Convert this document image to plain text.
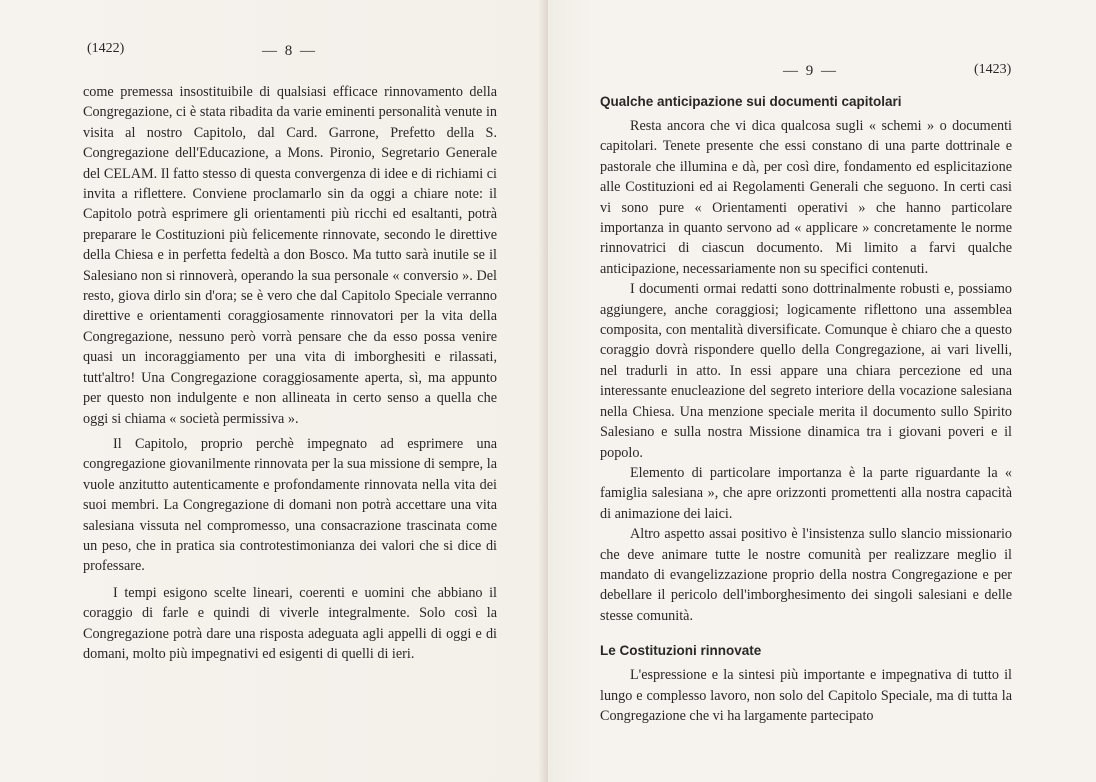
(1422)	— 8 —

come premessa insostituibile di qualsiasi efficace rinnovamento della Congregazione, ci è stata ribadita da varie eminenti personalità venute in visita al nostro Capitolo, dal Card. Garrone, Prefetto della S. Congregazione dell'Educazione, a Mons. Pironio, Segretario Generale del CELAM. Il fatto stesso di questa convergenza di idee e di richiami ci invita a riflettere. Conviene proclamarlo sin da oggi a chiare note: il Capitolo potrà esprimere gli orientamenti più ricchi ed esaltanti, potrà preparare le Costituzioni più felicemente rinnovate, secondo le direttive della Chiesa e in perfetta fedeltà a don Bosco. Ma tutto sarà inutile se il Salesiano non si rinnoverà, operando la sua personale « conversio ». Del resto, giova dirlo sin d'ora; se è vero che dal Capitolo Speciale verranno direttive e orientamenti coraggiosamente rinnovatori per la vita della Congregazione, nessuno però vorrà pensare che da esso possa venire quasi un incoraggiamento per una vita di imborghesiti e rilassati, tutt'altro! Una Congregazione coraggiosamente aperta, sì, ma appunto per questo non indulgente e non allineata in certo senso a quella che oggi si chiama « società permissiva ».

Il Capitolo, proprio perchè impegnato ad esprimere una congregazione giovanilmente rinnovata per la sua missione di sempre, la vuole anzitutto autenticamente e profondamente rinnovata nella vita dei suoi membri. La Congregazione di domani non potrà accettare una vita salesiana vissuta nel compromesso, una consacrazione trascinata come un peso, che in pratica sia controtestimonianza dei valori che si dice di professare.

I tempi esigono scelte lineari, coerenti e uomini che abbiano il coraggio di farle e quindi di viverle integralmente. Solo così la Congregazione potrà dare una risposta adeguata agli appelli di oggi e di domani, molto più impegnativi ed esigenti di quelli di ieri.

— 9 —	(1423)
Qualche anticipazione sui documenti capitolari

Resta ancora che vi dica qualcosa sugli « schemi » o documenti capitolari. Tenete presente che essi constano di una parte dottrinale e pastorale che illumina e dà, per così dire, fondamento ed esplicitazione alle Costituzioni ed ai Regolamenti Generali che seguono. In certi casi vi sono pure « Orientamenti operativi » che hanno particolare importanza in quanto servono ad « applicare » concretamente le norme rinnovatrici di ciascun documento. Mi limito a farvi qualche anticipazione, necessariamente non su specifici contenuti.

I documenti ormai redatti sono dottrinalmente robusti e, possiamo aggiungere, anche coraggiosi; logicamente riflettono una assemblea composita, con mentalità diversificate. Comunque è chiaro che a questo coraggio dovrà rispondere quello della Congregazione, ai vari livelli, nel tradurli in atto. In essi appare una chiara percezione ed una interessante enucleazione del segreto interiore della vocazione salesiana nella Chiesa. Una menzione speciale merita il documento sullo Spirito Salesiano e sulla nostra Missione dinamica tra i giovani poveri e il popolo.

Elemento di particolare importanza è la parte riguardante la « famiglia salesiana », che apre orizzonti promettenti alla nostra capacità di animazione dei laici.

Altro aspetto assai positivo è l'insistenza sullo slancio missionario che deve animare tutte le nostre comunità per realizzare meglio il mandato di evangelizzazione proprio della nostra Congregazione e per debellare il pericolo dell'imborghesimento dei singoli salesiani e delle stesse comunità.

Le Costituzioni rinnovate

L'espressione e la sintesi più importante e impegnativa di tutto il lungo e complesso lavoro, non solo del Capitolo Speciale, ma di tutta la Congregazione che vi ha largamente partecipato
